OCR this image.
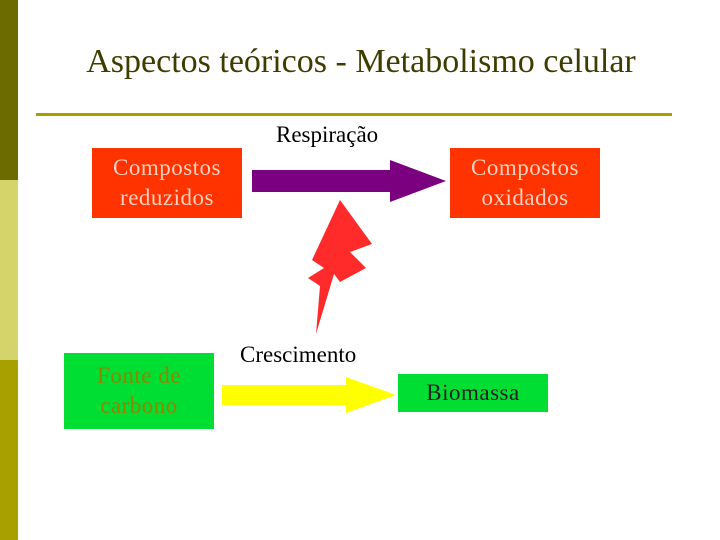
Aspectos teóricos - Metabolismo celular
Compostos
reduzidos
Compostos
oxidados
Fonte de
carbono
Biomassa
Respiração
Crescimento
